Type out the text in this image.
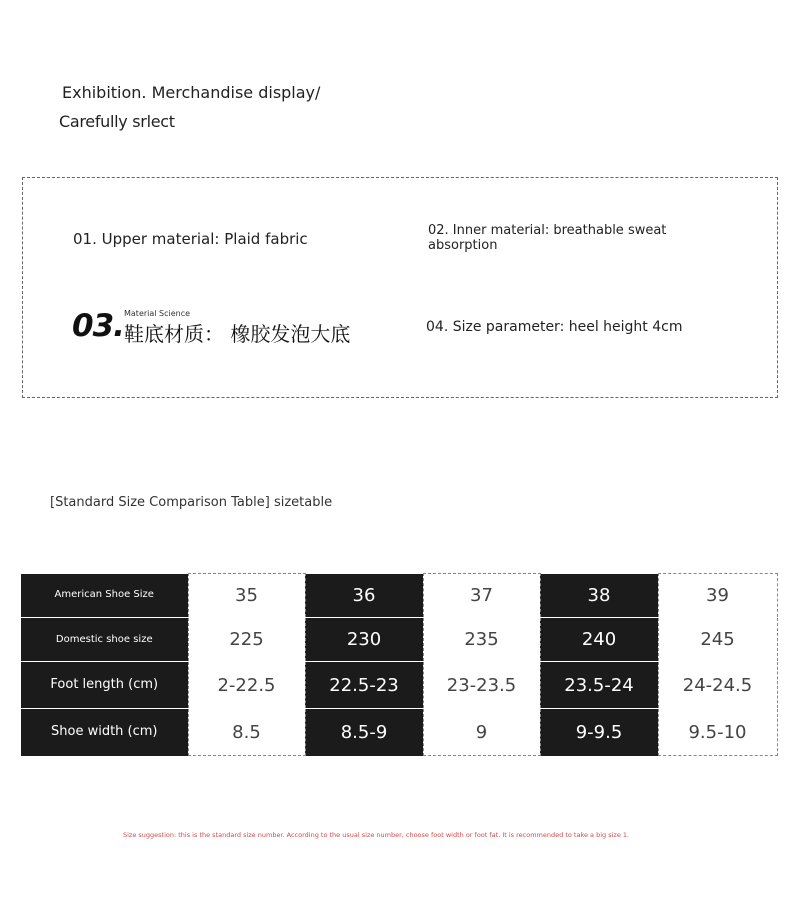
Exhibition. Merchandise display/
Carefully srlect
01. Upper material: Plaid fabric	02. Inner material: breathable sweat absorption
03. Material Science
鞋底材质： 橡胶发泡大底	04. Size parameter: heel height 4cm
[Standard Size Comparison Table] sizetable
American Shoe Size	35	36	37	38	39
Domestic shoe size	225	230	235	240	245
Foot length (cm)	2-22.5	22.5-23	23-23.5	23.5-24	24-24.5
Shoe width (cm)	8.5	8.5-9	9	9-9.5	9.5-10
Size suggestion: this is the standard size number. According to the usual size number, choose foot width or foot fat. It is recommended to take a big size 1.
